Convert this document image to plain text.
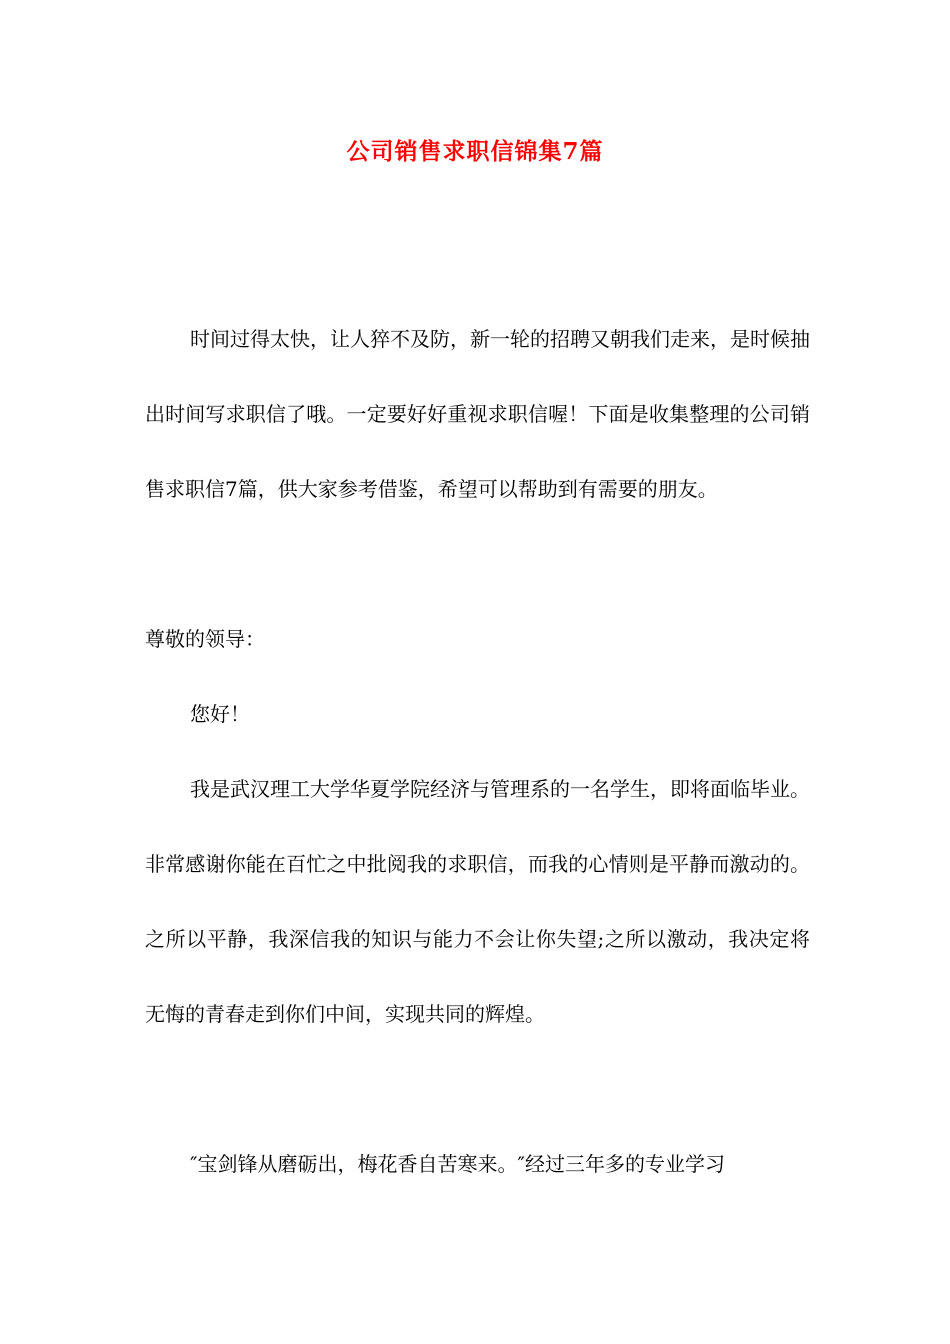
公司销售求职信锦集7篇

时间过得太快，让人猝不及防，新一轮的招聘又朝我们走来，是时候抽出时间写求职信了哦。一定要好好重视求职信喔！下面是收集整理的公司销售求职信7篇，供大家参考借鉴，希望可以帮助到有需要的朋友。

尊敬的领导：

您好！

我是武汉理工大学华夏学院经济与管理系的一名学生，即将面临毕业。非常感谢你能在百忙之中批阅我的求职信，而我的心情则是平静而激动的。之所以平静，我深信我的知识与能力不会让你失望;之所以激动，我决定将无悔的青春走到你们中间，实现共同的辉煌。

″宝剑锋从磨砺出，梅花香自苦寒来。″经过三年多的专业学习
